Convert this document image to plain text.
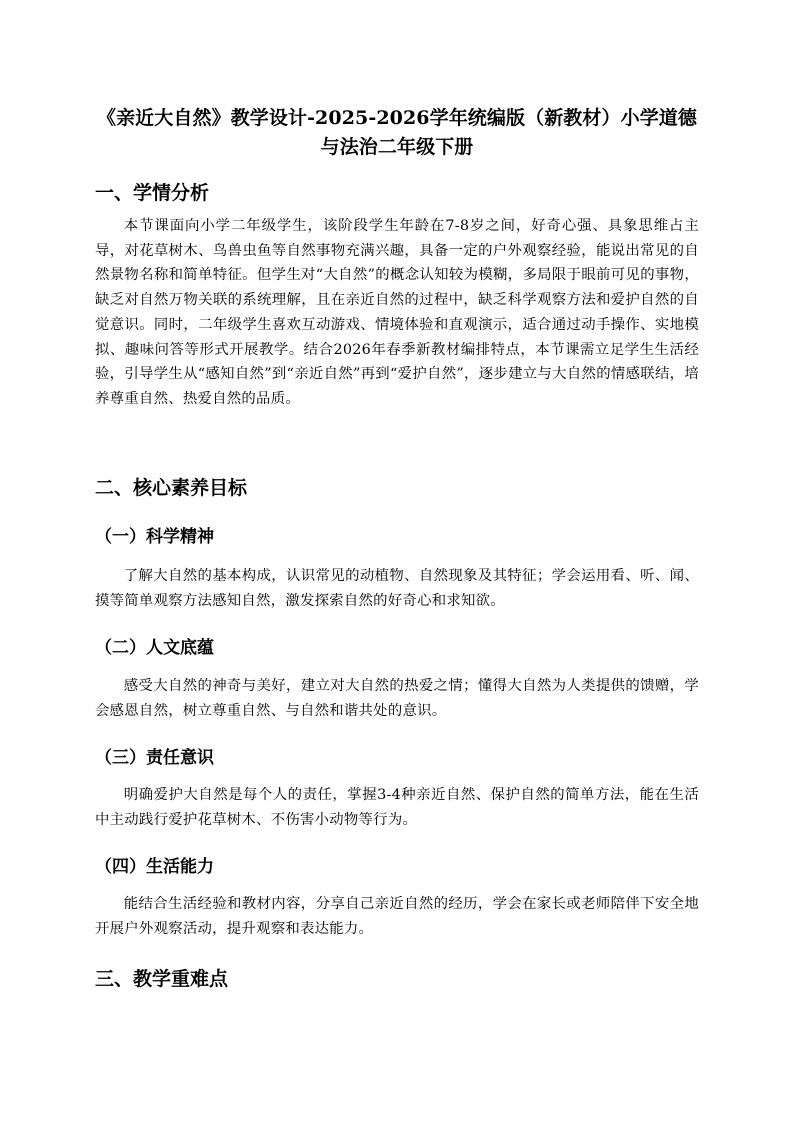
《亲近大自然》教学设计-2025-2026学年统编版（新教材）小学道德与法治二年级下册
一、学情分析

本节课面向小学二年级学生，该阶段学生年龄在7-8岁之间，好奇心强、具象思维占主导，对花草树木、鸟兽虫鱼等自然事物充满兴趣，具备一定的户外观察经验，能说出常见的自然景物名称和简单特征。但学生对“大自然”的概念认知较为模糊，多局限于眼前可见的事物，缺乏对自然万物关联的系统理解，且在亲近自然的过程中，缺乏科学观察方法和爱护自然的自觉意识。同时，二年级学生喜欢互动游戏、情境体验和直观演示，适合通过动手操作、实地模拟、趣味问答等形式开展教学。结合2026年春季新教材编排特点，本节课需立足学生生活经验，引导学生从“感知自然”到“亲近自然”再到“爱护自然”，逐步建立与大自然的情感联结，培养尊重自然、热爱自然的品质。

二、核心素养目标
（一）科学精神

了解大自然的基本构成，认识常见的动植物、自然现象及其特征；学会运用看、听、闻、摸等简单观察方法感知自然，激发探索自然的好奇心和求知欲。

（二）人文底蕴

感受大自然的神奇与美好，建立对大自然的热爱之情；懂得大自然为人类提供的馈赠，学会感恩自然，树立尊重自然、与自然和谐共处的意识。

（三）责任意识

明确爱护大自然是每个人的责任，掌握3-4种亲近自然、保护自然的简单方法，能在生活中主动践行爱护花草树木、不伤害小动物等行为。

（四）生活能力

能结合生活经验和教材内容，分享自己亲近自然的经历，学会在家长或老师陪伴下安全地开展户外观察活动，提升观察和表达能力。

三、教学重难点
